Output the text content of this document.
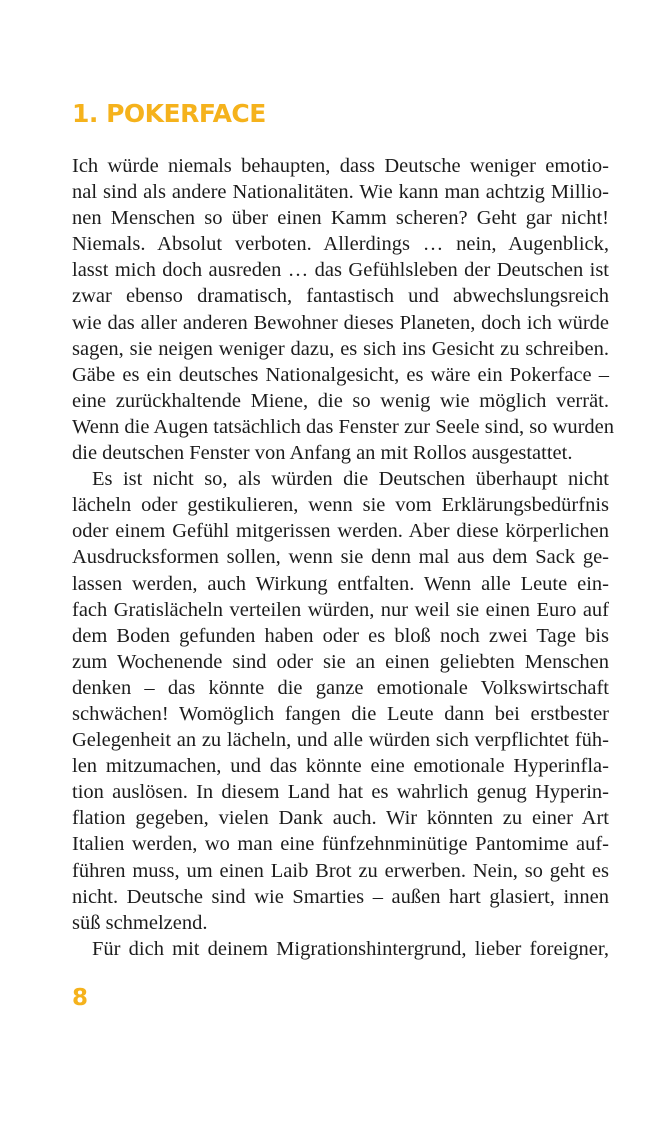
1. POKERFACE
Ich würde niemals behaupten, dass Deutsche weniger emotio-
nal sind als andere Nationalitäten. Wie kann man achtzig Millio-
nen Menschen so über einen Kamm scheren? Geht gar nicht!
Niemals. Absolut verboten. Allerdings … nein, Augenblick,
lasst mich doch ausreden … das Gefühlsleben der Deutschen ist
zwar ebenso dramatisch, fantastisch und abwechslungsreich
wie das aller anderen Bewohner dieses Planeten, doch ich würde
sagen, sie neigen weniger dazu, es sich ins Gesicht zu schreiben.
Gäbe es ein deutsches Nationalgesicht, es wäre ein Pokerface –
eine zurückhaltende Miene, die so wenig wie möglich verrät.
Wenn die Augen tatsächlich das Fenster zur Seele sind, so wurden
die deutschen Fenster von Anfang an mit Rollos ausgestattet.
Es ist nicht so, als würden die Deutschen überhaupt nicht
lächeln oder gestikulieren, wenn sie vom Erklärungsbedürfnis
oder einem Gefühl mitgerissen werden. Aber diese körperlichen
Ausdrucksformen sollen, wenn sie denn mal aus dem Sack ge-
lassen werden, auch Wirkung entfalten. Wenn alle Leute ein-
fach Gratislächeln verteilen würden, nur weil sie einen Euro auf
dem Boden gefunden haben oder es bloß noch zwei Tage bis
zum Wochenende sind oder sie an einen geliebten Menschen
denken – das könnte die ganze emotionale Volkswirtschaft
schwächen! Womöglich fangen die Leute dann bei erstbester
Gelegenheit an zu lächeln, und alle würden sich verpflichtet füh-
len mitzumachen, und das könnte eine emotionale Hyperinfla-
tion auslösen. In diesem Land hat es wahrlich genug Hyperin-
flation gegeben, vielen Dank auch. Wir könnten zu einer Art
Italien werden, wo man eine fünfzehnminütige Pantomime auf-
führen muss, um einen Laib Brot zu erwerben. Nein, so geht es
nicht. Deutsche sind wie Smarties – außen hart glasiert, innen
süß schmelzend.
Für dich mit deinem Migrationshintergrund, lieber foreigner,
8
